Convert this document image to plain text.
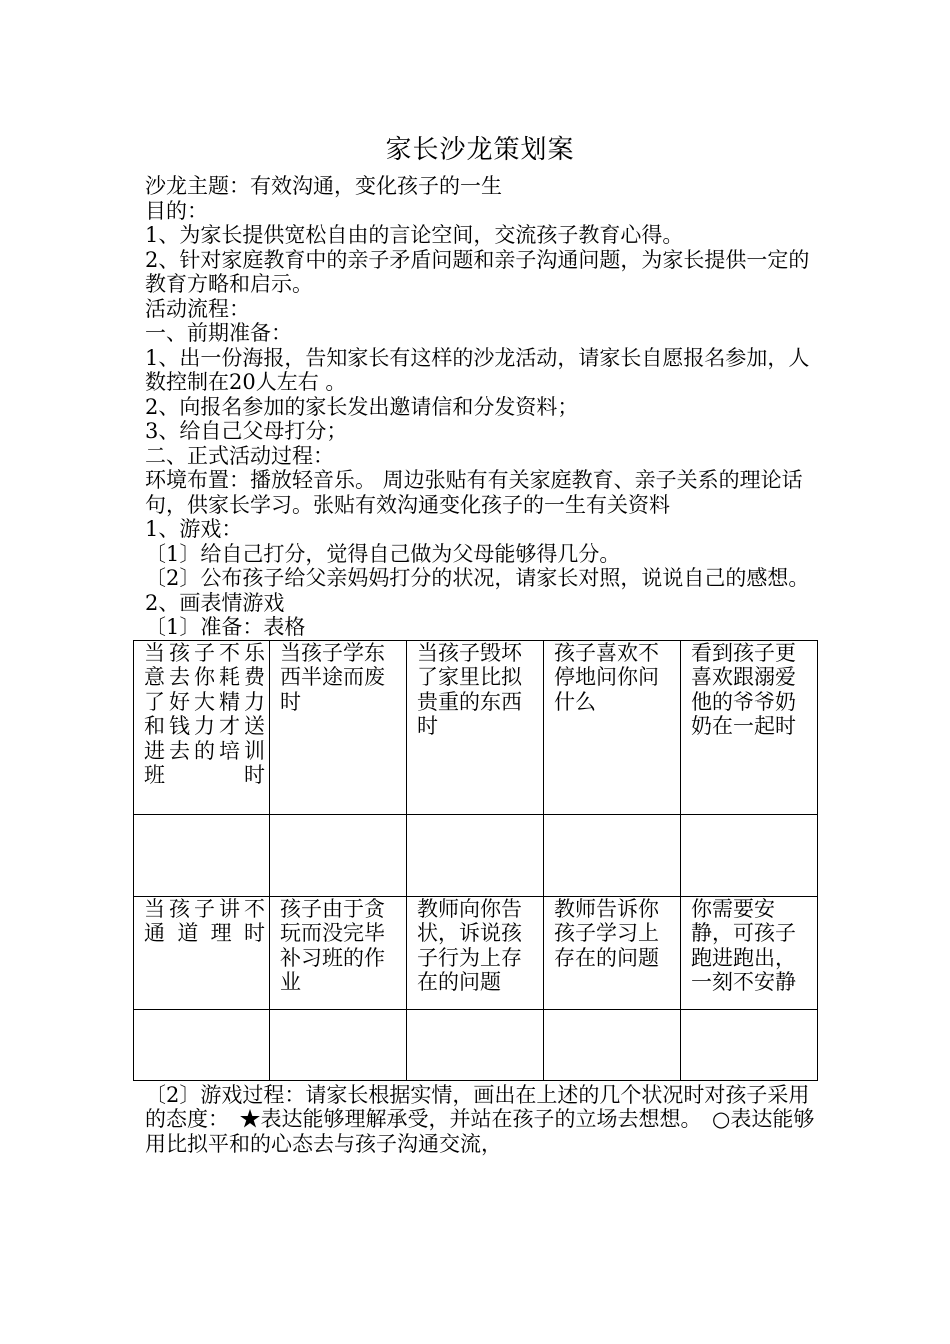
家长沙龙策划案

沙龙主题：有效沟通，变化孩子的一生

目的：

1、为家长提供宽松自由的言论空间，交流孩子教育心得。

2、针对家庭教育中的亲子矛盾问题和亲子沟通问题，为家长提供一定的教育方略和启示。

活动流程：

一、前期准备：

1、出一份海报，告知家长有这样的沙龙活动，请家长自愿报名参加，人数控制在20人左右 。

2、向报名参加的家长发出邀请信和分发资料；

3、给自己父母打分；

二、正式活动过程：

环境布置：播放轻音乐。 周边张贴有有关家庭教育、亲子关系的理论话句，供家长学习。张贴有效沟通变化孩子的一生有关资料

1、游戏：

〔1〕给自己打分，觉得自己做为父母能够得几分。

〔2〕公布孩子给父亲妈妈打分的状况，请家长对照，说说自己的感想。

2、画表情游戏

〔1〕准备：表格

当孩子不乐意去你耗费了好大精力和钱力才送进去的培训班时	当孩子学东西半途而废时	当孩子毁坏了家里比拟贵重的东西时	孩子喜欢不停地问你问什么	看到孩子更喜欢跟溺爱他的爷爷奶奶在一起时

当孩子讲不通道理时	孩子由于贪玩而没完毕补习班的作业	教师向你告状，诉说孩子行为上存在的问题	教师告诉你孩子学习上存在的问题	你需要安静，可孩子跑进跑出，一刻不安静

〔2〕游戏过程：请家长根据实情，画出在上述的几个状况时对孩子采用的态度：　★表达能够理解承受，并站在孩子的立场去想想。　○表达能够用比拟平和的心态去与孩子沟通交流，
